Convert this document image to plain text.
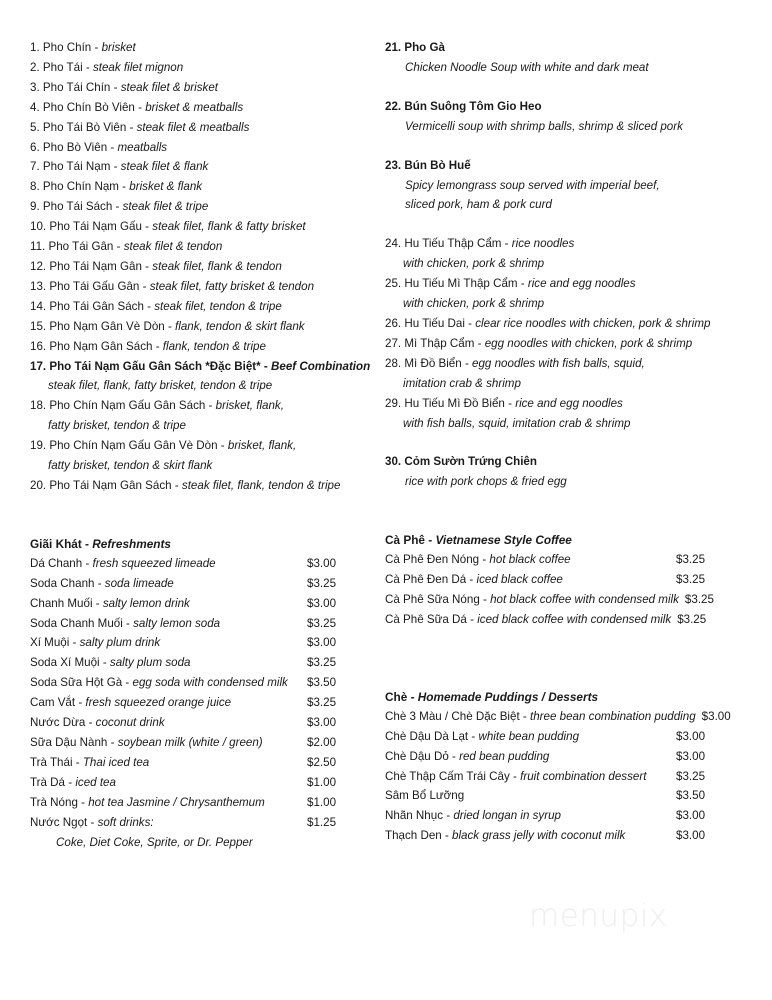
1. Pho Chín - brisket
2. Pho Tái - steak filet mignon
3. Pho Tái Chín - steak filet & brisket
4. Pho Chín Bò Viên - brisket & meatballs
5. Pho Tái Bò Viên - steak filet & meatballs
6. Pho Bò Viên - meatballs
7. Pho Tái Nạm - steak filet & flank
8. Pho Chín Nạm - brisket & flank
9. Pho Tái Sách - steak filet & tripe
10. Pho Tái Nạm Gấu - steak filet, flank & fatty brisket
11. Pho Tái Gân - steak filet & tendon
12. Pho Tái Nạm Gân - steak filet, flank & tendon
13. Pho Tái Gấu Gân - steak filet, fatty brisket & tendon
14. Pho Tái Gân Sách - steak filet, tendon & tripe
15. Pho Nạm Gân Vè Dòn - flank, tendon & skirt flank
16. Pho Nạm Gân Sách - flank, tendon & tripe
17. Pho Tái Nạm Gấu Gân Sách *Đặc Biệt* - Beef Combination
steak filet, flank, fatty brisket, tendon & tripe
18. Pho Chín Nạm Gấu Gân Sách - brisket, flank,
fatty brisket, tendon & tripe
19. Pho Chín Nạm Gấu Gân Vè Dòn - brisket, flank,
fatty brisket, tendon & skirt flank
20. Pho Tái Nạm Gân Sách - steak filet, flank, tendon & tripe
Giãi Khát - Refreshments
Dá Chanh - fresh squeezed limeade	$3.00
Soda Chanh - soda limeade	$3.25
Chanh Muối - salty lemon drink	$3.00
Soda Chanh Muối - salty lemon soda	$3.25
Xí Muội - salty plum drink	$3.00
Soda Xí Muội - salty plum soda	$3.25
Soda Sữa Hột Gà - egg soda with condensed milk	$3.50
Cam Vắt - fresh squeezed orange juice	$3.25
Nước Dừa - coconut drink	$3.00
Sữa Dậu Nành - soybean milk (white / green)	$2.00
Trà Thái - Thai iced tea	$2.50
Trà Dá - iced tea	$1.00
Trà Nóng - hot tea Jasmine / Chrysanthemum	$1.00
Nước Ngọt - soft drinks:	$1.25
Coke, Diet Coke, Sprite, or Dr. Pepper
21. Pho Gà
Chicken Noodle Soup with white and dark meat
22. Bún Suông Tôm Gio Heo
Vermicelli soup with shrimp balls, shrimp & sliced pork
23. Bún Bò Huế
Spicy lemongrass soup served with imperial beef,
sliced pork, ham & pork curd
24. Hu Tiếu Thập Cẩm - rice noodles
with chicken, pork & shrimp
25. Hu Tiếu Mì Thập Cẩm - rice and egg noodles
with chicken, pork & shrimp
26. Hu Tiếu Dai - clear rice noodles with chicken, pork & shrimp
27. Mì Thập Cẩm - egg noodles with chicken, pork & shrimp
28. Mì Đồ Biển - egg noodles with fish balls, squid,
imitation crab & shrimp
29. Hu Tiếu Mì Đồ Biển - rice and egg noodles
with fish balls, squid, imitation crab & shrimp
30. Cỏm Sườn Trứng Chiên
rice with pork chops & fried egg
Cà Phê - Vietnamese Style Coffee
Cà Phê Đen Nóng - hot black coffee	$3.25
Cà Phê Đen Dá - iced black coffee	$3.25
Cà Phê Sữa Nóng - hot black coffee with condensed milk $3.25
Cà Phê Sữa Dá - iced black coffee with condensed milk $3.25
Chè - Homemade Puddings / Desserts
Chè 3 Màu / Chè Dặc Biệt - three bean combination pudding $3.00
Chè Dậu Dà Lạt - white bean pudding	$3.00
Chè Dậu Dỏ - red bean pudding	$3.00
Chè Thập Cấm Trái Cây - fruit combination dessert	$3.25
Sâm Bổ Lưỡng	$3.50
Nhãn Nhục - dried longan in syrup	$3.00
Thạch Den - black grass jelly with coconut milk	$3.00
menupix
